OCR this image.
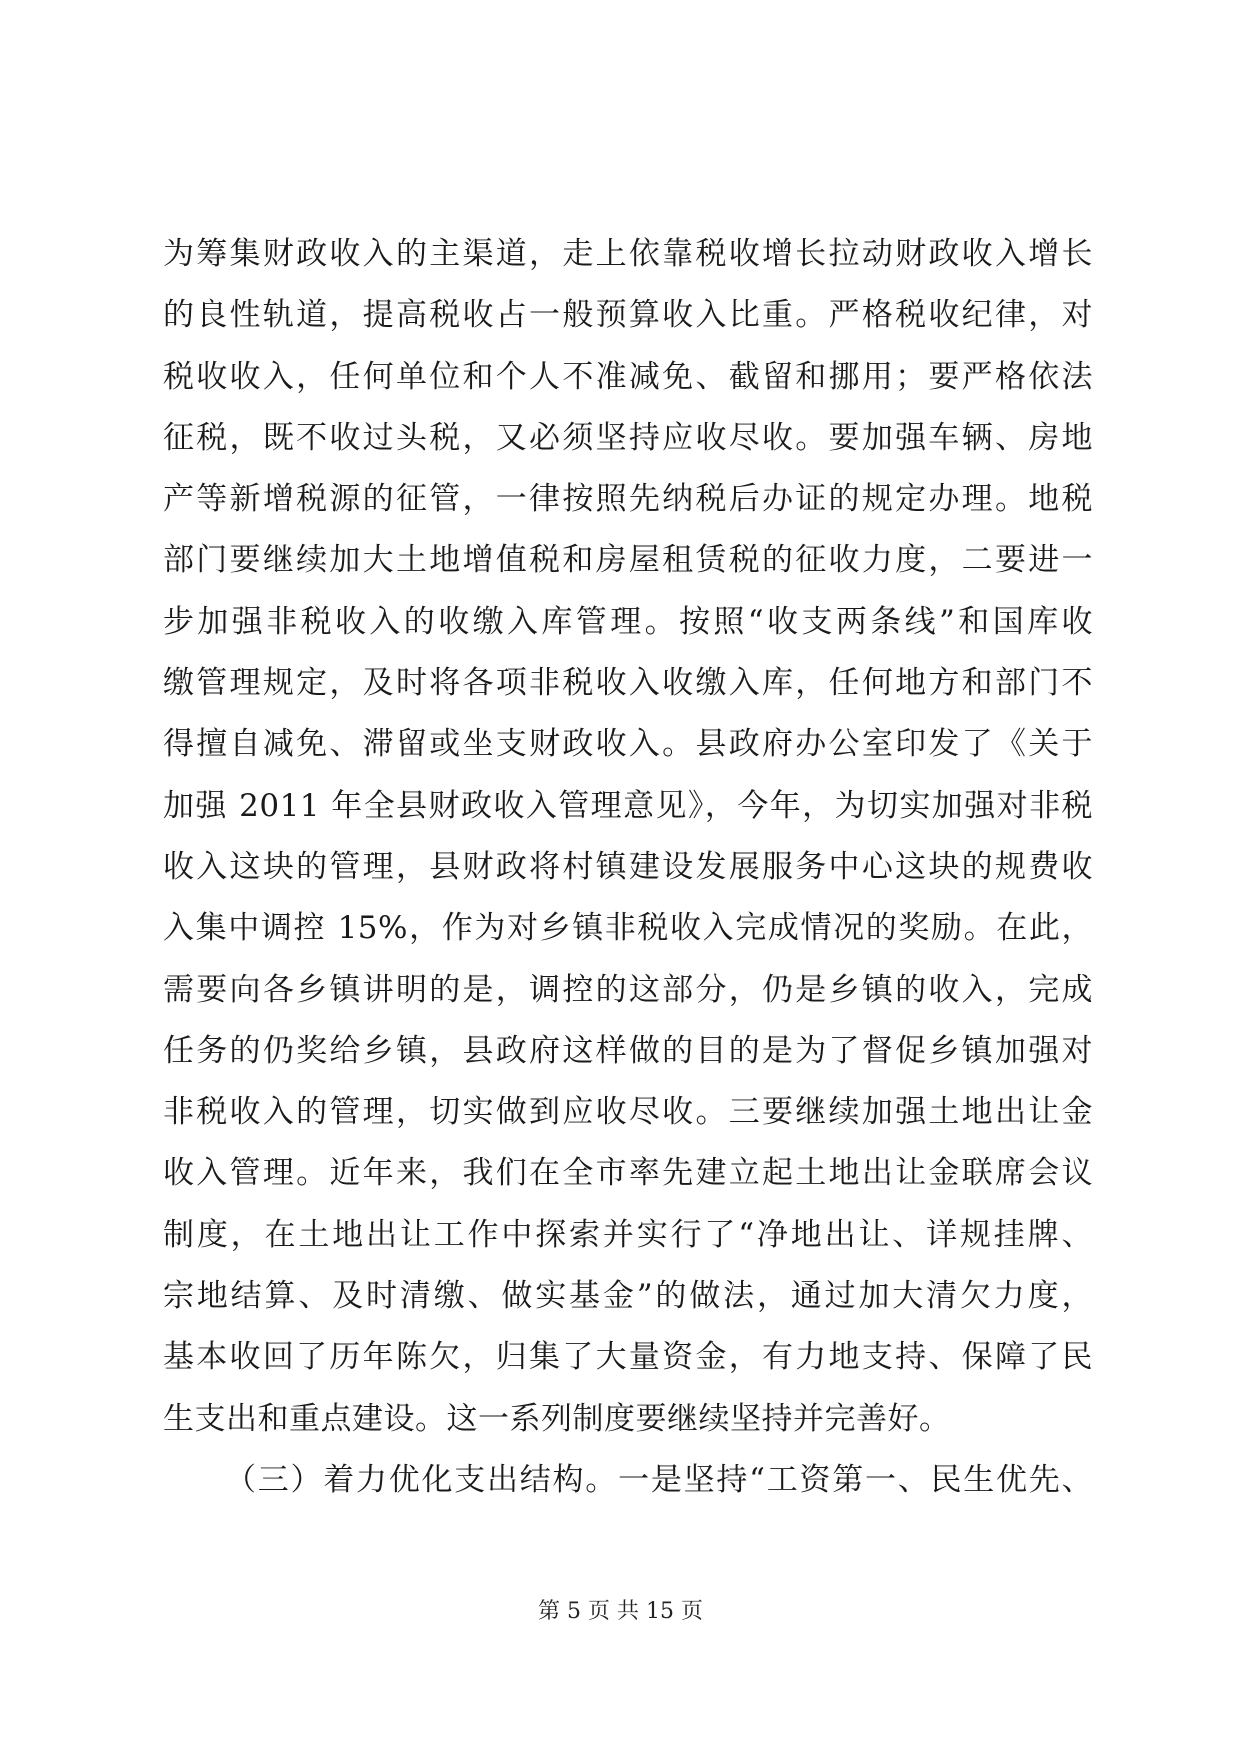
为筹集财政收入的主渠道，走上依靠税收增长拉动财政收入增长
的良性轨道，提高税收占一般预算收入比重。严格税收纪律，对
税收收入，任何单位和个人不准减免、截留和挪用；要严格依法
征税，既不收过头税，又必须坚持应收尽收。要加强车辆、房地
产等新增税源的征管，一律按照先纳税后办证的规定办理。地税
部门要继续加大土地增值税和房屋租赁税的征收力度，二要进一
步加强非税收入的收缴入库管理。按照“收支两条线”和国库收
缴管理规定，及时将各项非税收入收缴入库，任何地方和部门不
得擅自减免、滞留或坐支财政收入。县政府办公室印发了《关于
加强 2011 年全县财政收入管理意见》，今年，为切实加强对非税
收入这块的管理，县财政将村镇建设发展服务中心这块的规费收
入集中调控 15%，作为对乡镇非税收入完成情况的奖励。在此，
需要向各乡镇讲明的是，调控的这部分，仍是乡镇的收入，完成
任务的仍奖给乡镇，县政府这样做的目的是为了督促乡镇加强对
非税收入的管理，切实做到应收尽收。三要继续加强土地出让金
收入管理。近年来，我们在全市率先建立起土地出让金联席会议
制度，在土地出让工作中探索并实行了“净地出让、详规挂牌、
宗地结算、及时清缴、做实基金”的做法，通过加大清欠力度，
基本收回了历年陈欠，归集了大量资金，有力地支持、保障了民
生支出和重点建设。这一系列制度要继续坚持并完善好。
（三）着力优化支出结构。一是坚持“工资第一、民生优先、
第 5 页 共 15 页
